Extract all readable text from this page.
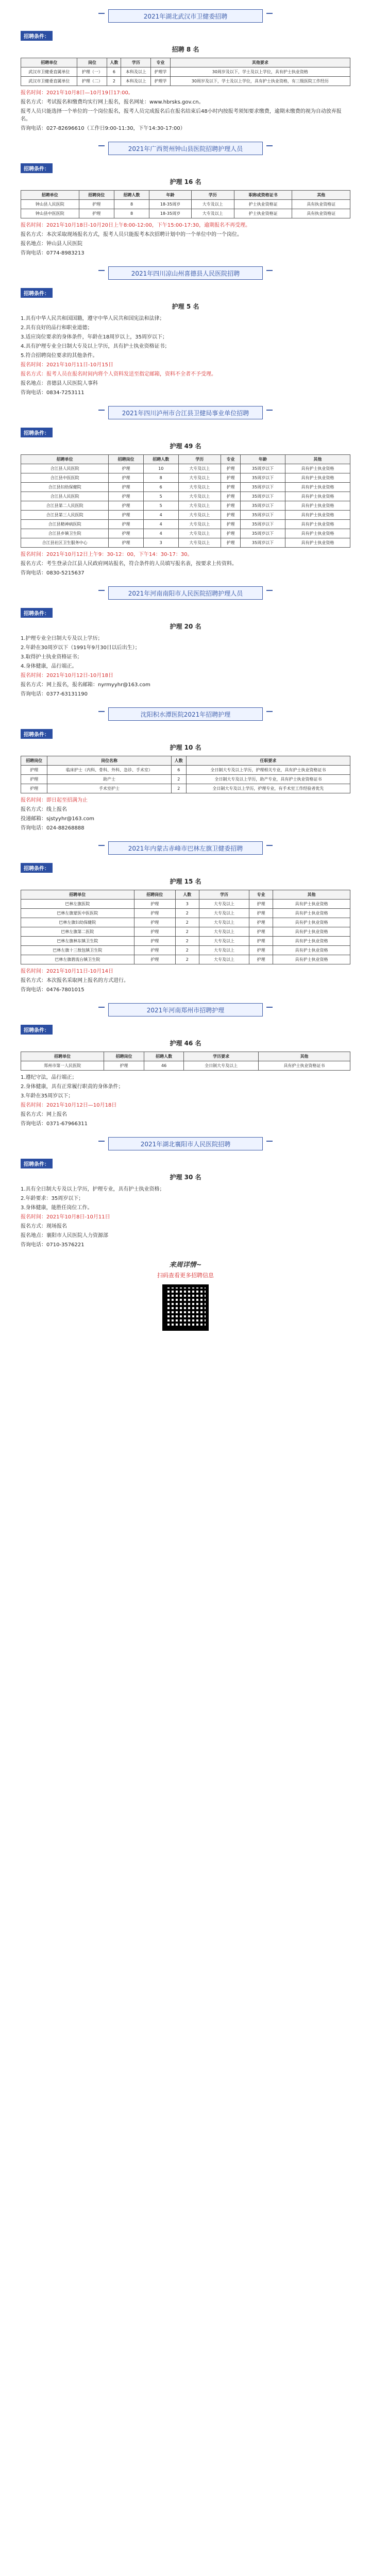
2021年湖北武汉市卫健委招聘
招聘条件：
招聘 8 名
招聘单位	岗位	人数	学历	专业	其他要求
武汉市卫健委直属单位	护理（一）	6	本科及以上	护理学	30周岁及以下，学士及以上学位，具有护士执业资格
武汉市卫健委直属单位	护理（二）	2	本科及以上	护理学	30周岁及以下，学士及以上学位，具有护士执业资格，有三级医院工作经历
报名时间：2021年10月8日—10月19日17:00。
报名方式：考试报名和缴费均实行网上报名，报名网址：www.hbrsks.gov.cn。
报考人员只能选择一个单位的一个岗位报名，报考人员完成报名后在报名结束后48小时内按报考须知要求缴费，逾期未缴费的视为自动放弃报名。
咨询电话：027-82696610（工作日9:00-11:30，下午14:30-17:00）
2021年广西贺州钟山县医院招聘护理人员
招聘条件：
护理 16 名
招聘单位	招聘岗位	招聘人数	年龄	学历	职称或资格证书	其他
钟山县人民医院	护理	8	18-35周岁	大专及以上	护士执业资格证	具有执业资格证
钟山县中医医院	护理	8	18-35周岁	大专及以上	护士执业资格证	具有执业资格证
报名时间：2021年10月18日-10月20日上午8:00-12:00，下午15:00-17:30，逾期报名不再受理。
报名方式：本次采取现场报名方式，报考人员只能报考本次招聘计划中的一个单位中的一个岗位。
报名地点：钟山县人民医院
咨询电话：0774-8983213
2021年四川凉山州喜德县人民医院招聘
招聘条件：
护理 5 名
1.具有中华人民共和国国籍，遵守中华人民共和国宪法和法律；
2.具有良好的品行和职业道德；
3.适应岗位要求的身体条件，年龄在18周岁以上，35周岁以下；
4.具有护理专业全日制大专及以上学历，具有护士执业资格证书；
5.符合招聘岗位要求的其他条件。
报名时间：2021年10月11日-10月15日
报名方式：报考人员在报名时间内将个人资料发送至指定邮箱，资料不全者不予受理。
报名地点：喜德县人民医院人事科
咨询电话：0834-7253111
2021年四川泸州市合江县卫健局事业单位招聘
招聘条件：
护理 49 名
招聘单位	招聘岗位	招聘人数	学历	专业	年龄	其他
合江县人民医院	护理	10	大专及以上	护理	35周岁以下	具有护士执业资格
合江县中医医院	护理	8	大专及以上	护理	35周岁以下	具有护士执业资格
合江县妇幼保健院	护理	6	大专及以上	护理	35周岁以下	具有护士执业资格
合江县人民医院	护理	5	大专及以上	护理	35周岁以下	具有护士执业资格
合江县第二人民医院	护理	5	大专及以上	护理	35周岁以下	具有护士执业资格
合江县第三人民医院	护理	4	大专及以上	护理	35周岁以下	具有护士执业资格
合江县精神病医院	护理	4	大专及以上	护理	35周岁以下	具有护士执业资格
合江县乡镇卫生院	护理	4	大专及以上	护理	35周岁以下	具有护士执业资格
合江县社区卫生服务中心	护理	3	大专及以上	护理	35周岁以下	具有护士执业资格
报名时间：2021年10月12日上午9：30-12：00，下午14：30-17：30。
报名方式：考生登录合江县人民政府网站报名，符合条件的人员填写报名表，按要求上传资料。
咨询电话：0830-5215637
2021年河南南阳市人民医院招聘护理人员
招聘条件：
护理 20 名
1.护理专业全日制大专及以上学历；
2.年龄在30周岁以下（1991年9月30日以后出生）；
3.取得护士执业资格证书；
4.身体健康，品行端正。
报名时间：2021年10月12日-10月18日
报名方式：网上报名，报名邮箱：nyrmyyhr@163.com
咨询电话：0377-63131190
沈阳积水潭医院2021年招聘护理
招聘条件：
护理 10 名
招聘岗位	岗位名称	人数	任职要求
护理	临床护士（内科、骨科、外科、急诊、手术室）	6	全日制大专及以上学历，护理相关专业，具有护士执业资格证书
护理	助产士	2	全日制大专及以上学历，助产专业，具有护士执业资格证书
护理	手术室护士	2	全日制大专及以上学历，护理专业，有手术室工作经验者优先
报名时间：即日起至招满为止
报名方式：线上报名
投递邮箱：sjstyyhr@163.com
咨询电话：024-88268888
2021年内蒙古赤峰市巴林左旗卫健委招聘
招聘条件：
护理 15 名
招聘单位	招聘岗位	人数	学历	专业	其他
巴林左旗医院	护理	3	大专及以上	护理	具有护士执业资格
巴林左旗蒙医中医医院	护理	2	大专及以上	护理	具有护士执业资格
巴林左旗妇幼保健院	护理	2	大专及以上	护理	具有护士执业资格
巴林左旗第二医院	护理	2	大专及以上	护理	具有护士执业资格
巴林左旗林东镇卫生院	护理	2	大专及以上	护理	具有护士执业资格
巴林左旗十三敖包镇卫生院	护理	2	大专及以上	护理	具有护士执业资格
巴林左旗碧流台镇卫生院	护理	2	大专及以上	护理	具有护士执业资格
报名时间：2021年10月11日-10月14日
报名方式：本次报名采取网上报名的方式进行。
咨询电话：0476-7801015
2021年河南郑州市招聘护理
招聘条件：
护理 46 名
招聘单位	招聘岗位	招聘人数	学历要求	其他
郑州市第一人民医院	护理	46	全日制大专及以上	具有护士执业资格证书
1.遵纪守法，品行端正；
2.身体健康，具有正常履行职责的身体条件；
3.年龄在35周岁以下；
报名时间：2021年10月12日—10月18日
报名方式：网上报名
咨询电话：0371-67966311
2021年湖北襄阳市人民医院招聘
招聘条件：
护理 30 名
1.具有全日制大专及以上学历，护理专业，具有护士执业资格；
2.年龄要求：35周岁以下；
3.身体健康，能胜任岗位工作。
报名时间：2021年10月8日-10月11日
报名方式：现场报名
报名地点：襄阳市人民医院人力资源部
咨询电话：0710-3576221
来周详情~
扫码查看更多招聘信息
